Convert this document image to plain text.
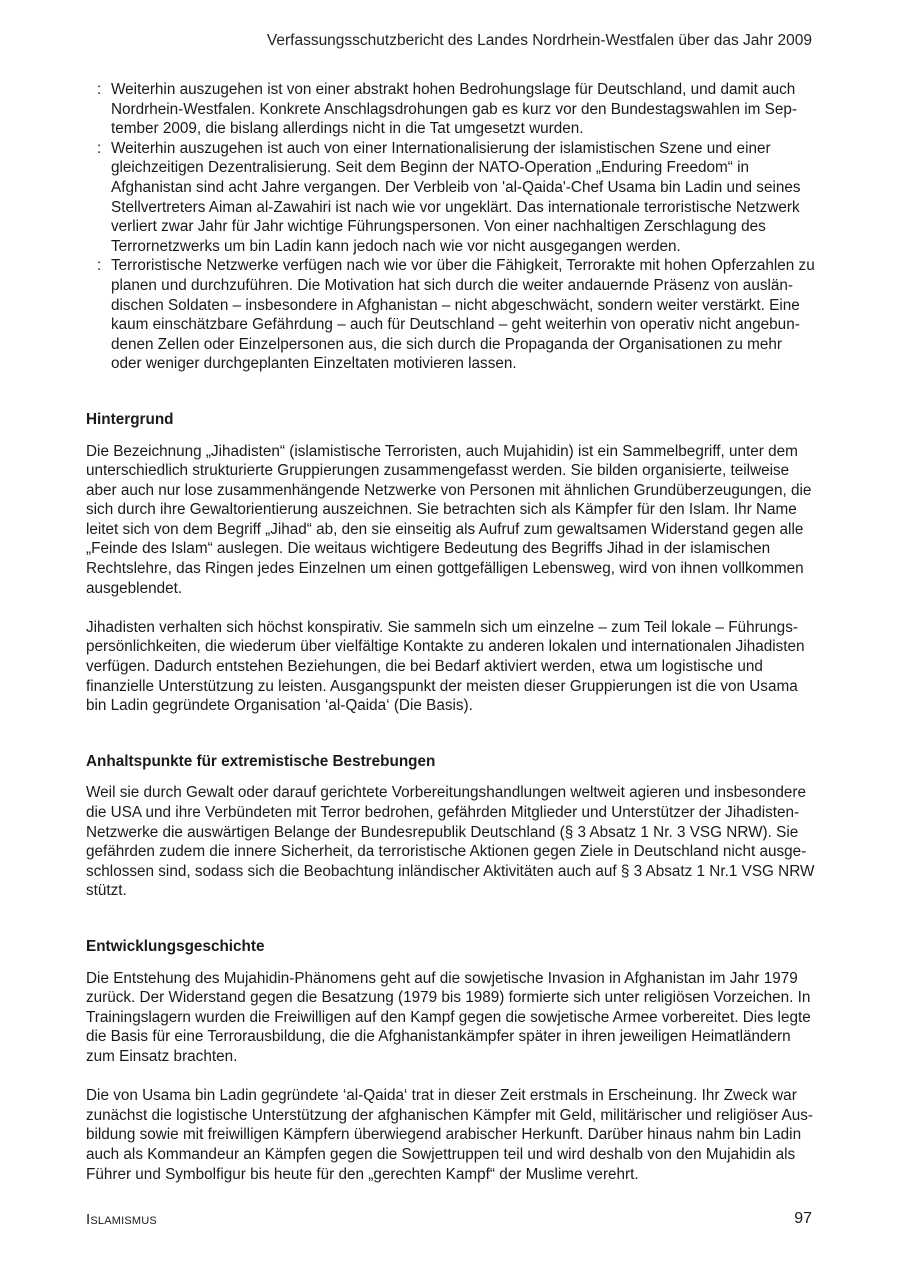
Verfassungsschutzbericht des Landes Nordrhein-Westfalen über das Jahr 2009
: Weiterhin auszugehen ist von einer abstrakt hohen Bedrohungslage für Deutschland, und damit auch Nordrhein-Westfalen. Konkrete Anschlagsdrohungen gab es kurz vor den Bundestagswahlen im September 2009, die bislang allerdings nicht in die Tat umgesetzt wurden.
: Weiterhin auszugehen ist auch von einer Internationalisierung der islamistischen Szene und einer gleichzeitigen Dezentralisierung. Seit dem Beginn der NATO-Operation „Enduring Freedom“ in Afghanistan sind acht Jahre vergangen. Der Verbleib von 'al-Qaida'-Chef Usama bin Ladin und seines Stellvertreters Aiman al-Zawahiri ist nach wie vor ungeklärt. Das internationale terroristische Netzwerk verliert zwar Jahr für Jahr wichtige Führungspersonen. Von einer nachhaltigen Zerschlagung des Terrornetzwerks um bin Ladin kann jedoch nach wie vor nicht ausgegangen werden.
: Terroristische Netzwerke verfügen nach wie vor über die Fähigkeit, Terrorakte mit hohen Opferzahlen zu planen und durchzuführen. Die Motivation hat sich durch die weiter andauernde Präsenz von ausländischen Soldaten – insbesondere in Afghanistan – nicht abgeschwächt, sondern weiter verstärkt. Eine kaum einschätzbare Gefährdung – auch für Deutschland – geht weiterhin von operativ nicht angebundenen Zellen oder Einzelpersonen aus, die sich durch die Propaganda der Organisationen zu mehr oder weniger durchgeplanten Einzeltaten motivieren lassen.
Hintergrund

Die Bezeichnung „Jihadisten“ (islamistische Terroristen, auch Mujahidin) ist ein Sammelbegriff, unter dem unterschiedlich strukturierte Gruppierungen zusammengefasst werden. Sie bilden organisierte, teilweise aber auch nur lose zusammenhängende Netzwerke von Personen mit ähnlichen Grundüberzeugungen, die sich durch ihre Gewaltorientierung auszeichnen. Sie betrachten sich als Kämpfer für den Islam. Ihr Name leitet sich von dem Begriff „Jihad“ ab, den sie einseitig als Aufruf zum gewaltsamen Widerstand gegen alle „Feinde des Islam“ auslegen. Die weitaus wichtigere Bedeutung des Begriffs Jihad in der islamischen Rechtslehre, das Ringen jedes Einzelnen um einen gottgefälligen Lebensweg, wird von ihnen vollkommen ausgeblendet.

Jihadisten verhalten sich höchst konspirativ. Sie sammeln sich um einzelne – zum Teil lokale – Führungspersönlichkeiten, die wiederum über vielfältige Kontakte zu anderen lokalen und internationalen Jihadisten verfügen. Dadurch entstehen Beziehungen, die bei Bedarf aktiviert werden, etwa um logistische und finanzielle Unterstützung zu leisten. Ausgangspunkt der meisten dieser Gruppierungen ist die von Usama bin Ladin gegründete Organisation ‘al-Qaida‘ (Die Basis).

Anhaltspunkte für extremistische Bestrebungen

Weil sie durch Gewalt oder darauf gerichtete Vorbereitungshandlungen weltweit agieren und insbesondere die USA und ihre Verbündeten mit Terror bedrohen, gefährden Mitglieder und Unterstützer der Jihadisten-Netzwerke die auswärtigen Belange der Bundesrepublik Deutschland (§ 3 Absatz 1 Nr. 3 VSG NRW). Sie gefährden zudem die innere Sicherheit, da terroristische Aktionen gegen Ziele in Deutschland nicht ausgeschlossen sind, sodass sich die Beobachtung inländischer Aktivitäten auch auf § 3 Absatz 1 Nr.1 VSG NRW stützt.

Entwicklungsgeschichte

Die Entstehung des Mujahidin-Phänomens geht auf die sowjetische Invasion in Afghanistan im Jahr 1979 zurück. Der Widerstand gegen die Besatzung (1979 bis 1989) formierte sich unter religiösen Vorzeichen. In Trainingslagern wurden die Freiwilligen auf den Kampf gegen die sowjetische Armee vorbereitet. Dies legte die Basis für eine Terrorausbildung, die die Afghanistankämpfer später in ihren jeweiligen Heimatländern zum Einsatz brachten.

Die von Usama bin Ladin gegründete ‘al-Qaida‘ trat in dieser Zeit erstmals in Erscheinung. Ihr Zweck war zunächst die logistische Unterstützung der afghanischen Kämpfer mit Geld, militärischer und religiöser Ausbildung sowie mit freiwilligen Kämpfern überwiegend arabischer Herkunft. Darüber hinaus nahm bin Ladin auch als Kommandeur an Kämpfen gegen die Sowjettruppen teil und wird deshalb von den Mujahidin als Führer und Symbolfigur bis heute für den „gerechten Kampf“ der Muslime verehrt.

Islamismus	97
